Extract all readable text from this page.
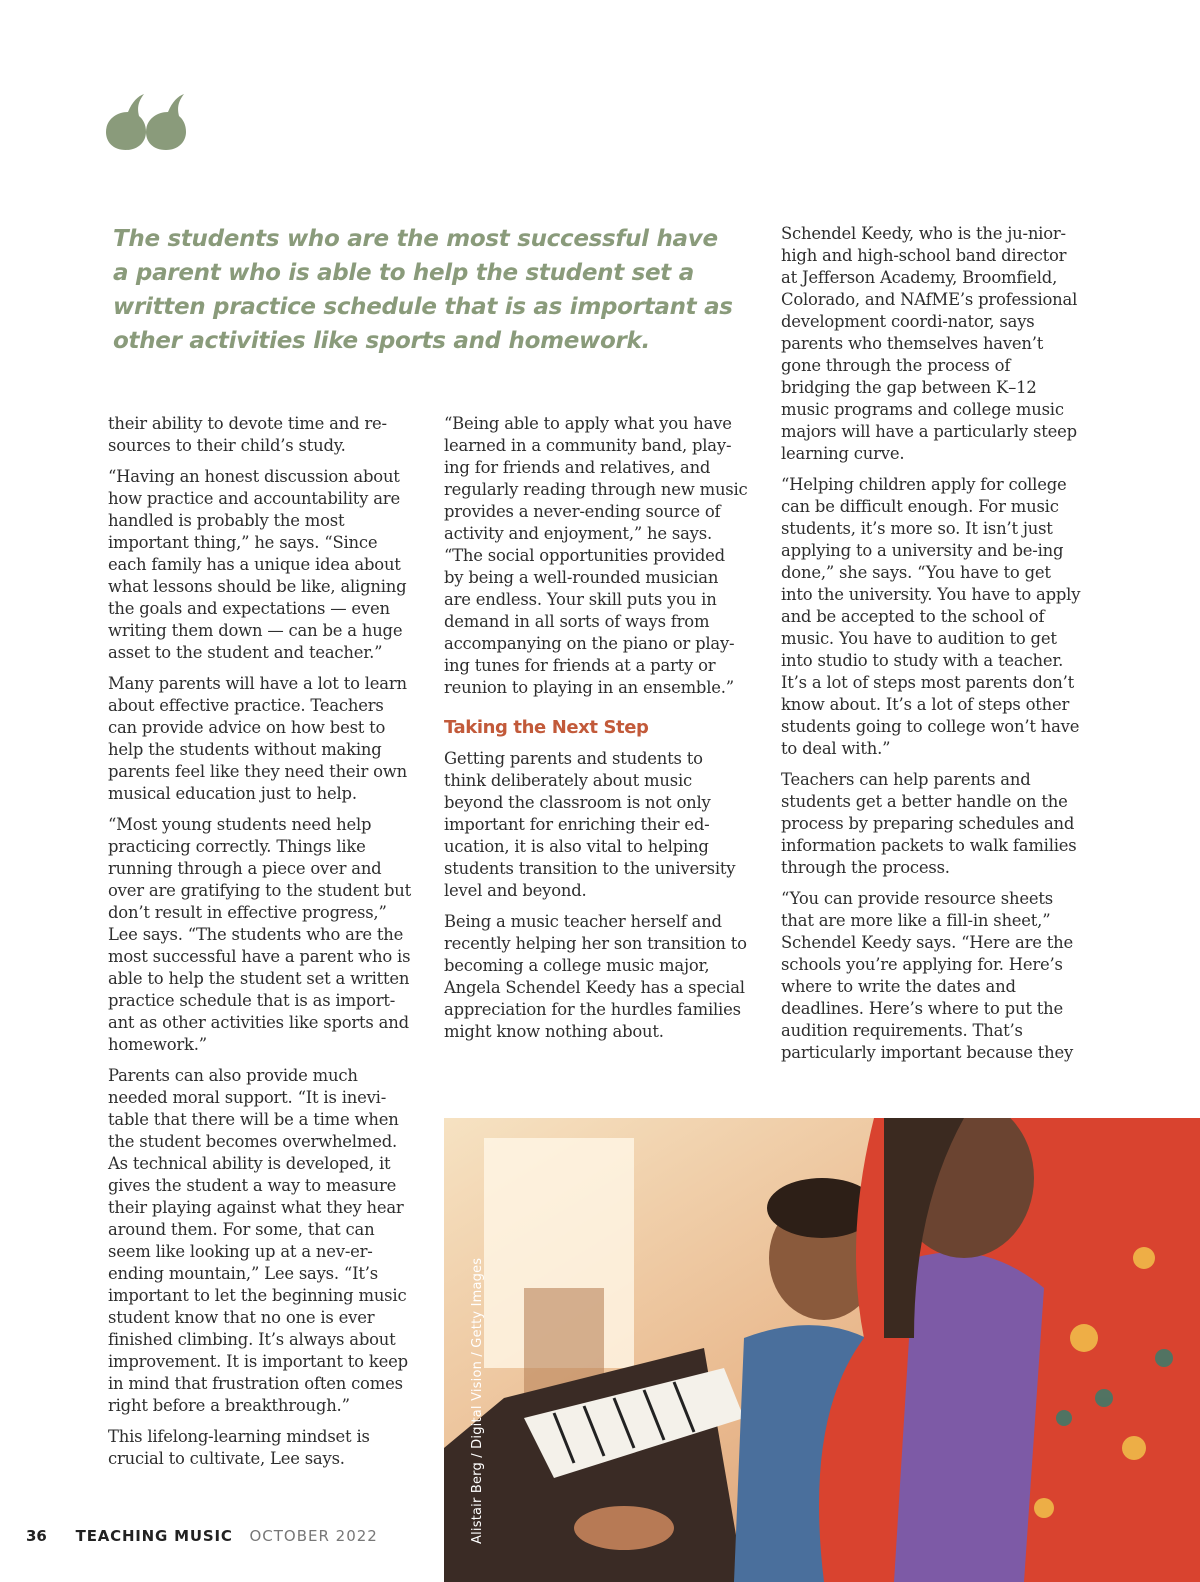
The students who are the most successful have a parent who is able to help the student set a written practice schedule that is as important as other activities like sports and homework.

their ability to devote time and re-sources to their child’s study.

“Having an honest discussion about how practice and accountability are handled is probably the most important thing,” he says. “Since each family has a unique idea about what lessons should be like, aligning the goals and expectations — even writing them down — can be a huge asset to the student and teacher.”

Many parents will have a lot to learn about effective practice. Teachers can provide advice on how best to help the students without making parents feel like they need their own musical education just to help.

“Most young students need help practicing correctly. Things like running through a piece over and over are gratifying to the student but don’t result in effective progress,” Lee says. “The students who are the most successful have a parent who is able to help the student set a written practice schedule that is as import-ant as other activities like sports and homework.”

Parents can also provide much needed moral support. “It is inevi-table that there will be a time when the student becomes overwhelmed. As technical ability is developed, it gives the student a way to measure their playing against what they hear around them. For some, that can seem like looking up at a nev-er-ending mountain,” Lee says. “It’s important to let the beginning music student know that no one is ever finished climbing. It’s always about improvement. It is important to keep in mind that frustration often comes right before a breakthrough.”

This lifelong-learning mindset is crucial to cultivate, Lee says.

“Being able to apply what you have learned in a community band, play-ing for friends and relatives, and regularly reading through new music provides a never-ending source of activity and enjoyment,” he says. “The social opportunities provided by being a well-rounded musician are endless. Your skill puts you in demand in all sorts of ways from accompanying on the piano or play-ing tunes for friends at a party or reunion to playing in an ensemble.”

Taking the Next Step

Getting parents and students to think deliberately about music beyond the classroom is not only important for enriching their ed-ucation, it is also vital to helping students transition to the university level and beyond.

Being a music teacher herself and recently helping her son transition to becoming a college music major, Angela Schendel Keedy has a special appreciation for the hurdles families might know nothing about.

Schendel Keedy, who is the ju-nior-high and high-school band director at Jefferson Academy, Broomfield, Colorado, and NAfME’s professional development coordi-nator, says parents who themselves haven’t gone through the process of bridging the gap between K–12 music programs and college music majors will have a particularly steep learning curve.

“Helping children apply for college can be difficult enough. For music students, it’s more so. It isn’t just applying to a university and be-ing done,” she says. “You have to get into the university. You have to apply and be accepted to the school of music. You have to audition to get into studio to study with a teacher. It’s a lot of steps most parents don’t know about. It’s a lot of steps other students going to college won’t have to deal with.”

Teachers can help parents and students get a better handle on the process by preparing schedules and information packets to walk families through the process.

“You can provide resource sheets that are more like a fill-in sheet,” Schendel Keedy says. “Here are the schools you’re applying for. Here’s where to write the dates and deadlines. Here’s where to put the audition requirements. That’s particularly important because they

Alistair Berg / Digital Vision / Getty Images
36 TEACHING MUSIC OCTOBER 2022
